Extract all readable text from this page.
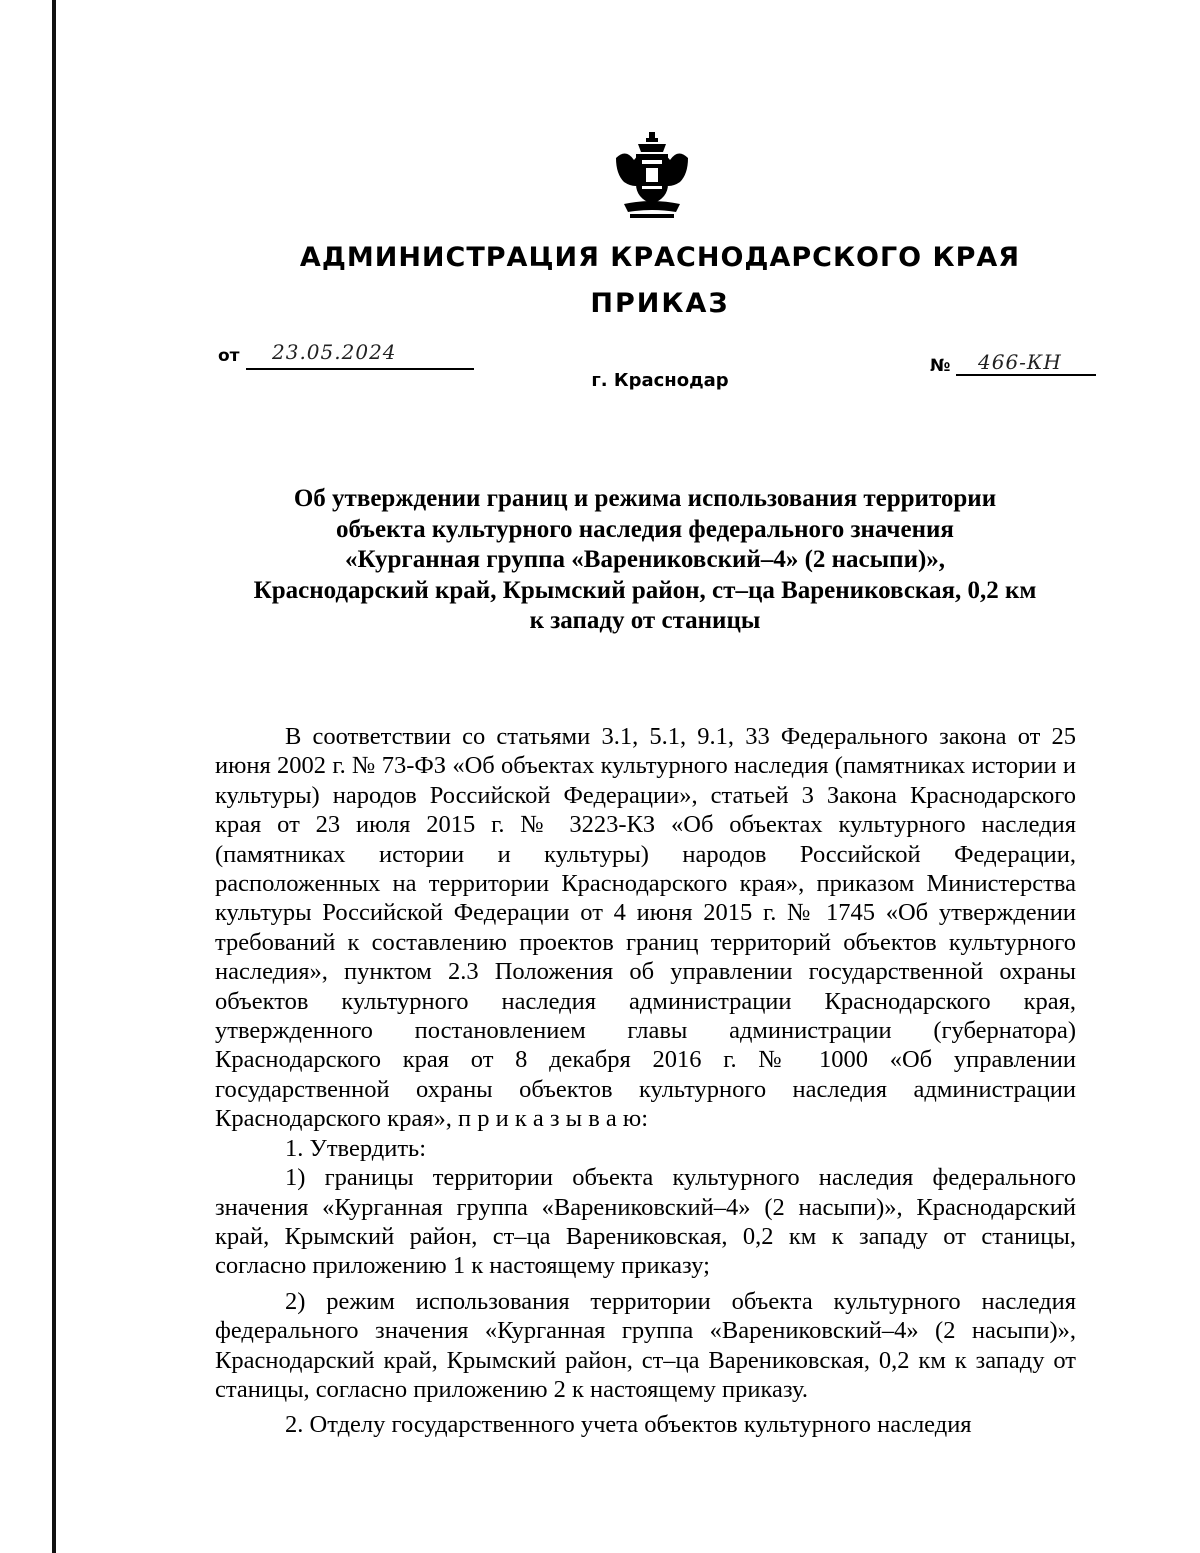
АДМИНИСТРАЦИЯ КРАСНОДАРСКОГО КРАЯ
ПРИКАЗ
от 23.05.2024
№ 466-КН
г. Краснодар
Об утверждении границ и режима использования территории
объекта культурного наследия федерального значения
«Курганная группа «Варениковский–4» (2 насыпи)»,
Краснодарский край, Крымский район, ст–ца Варениковская, 0,2 км
к западу от станицы

В соответствии со статьями 3.1, 5.1, 9.1, 33 Федерального закона от 25 июня 2002 г. № 73-ФЗ «Об объектах культурного наследия (памятниках истории и культуры) народов Российской Федерации», статьей 3 Закона Краснодарского края от 23 июля 2015 г. № 3223-КЗ «Об объектах культурного наследия (памятниках истории и культуры) народов Российской Федерации, расположенных на территории Краснодарского края», приказом Министерства культуры Российской Федерации от 4 июня 2015 г. № 1745 «Об утверждении требований к составлению проектов границ территорий объектов культурного наследия», пунктом 2.3 Положения об управлении государственной охраны объектов культурного наследия администрации Краснодарского края, утвержденного постановлением главы администрации (губернатора) Краснодарского края от 8 декабря 2016 г. № 1000 «Об управлении государственной охраны объектов культурного наследия администрации Краснодарского края», п р и к а з ы в а ю:

1. Утвердить:

1) границы территории объекта культурного наследия федерального значения «Курганная группа «Варениковский–4» (2 насыпи)», Краснодарский край, Крымский район, ст–ца Варениковская, 0,2 км к западу от станицы, согласно приложению 1 к настоящему приказу;

2) режим использования территории объекта культурного наследия федерального значения «Курганная группа «Варениковский–4» (2 насыпи)», Краснодарский край, Крымский район, ст–ца Варениковская, 0,2 км к западу от станицы, согласно приложению 2 к настоящему приказу.

2. Отделу государственного учета объектов культурного наследия
